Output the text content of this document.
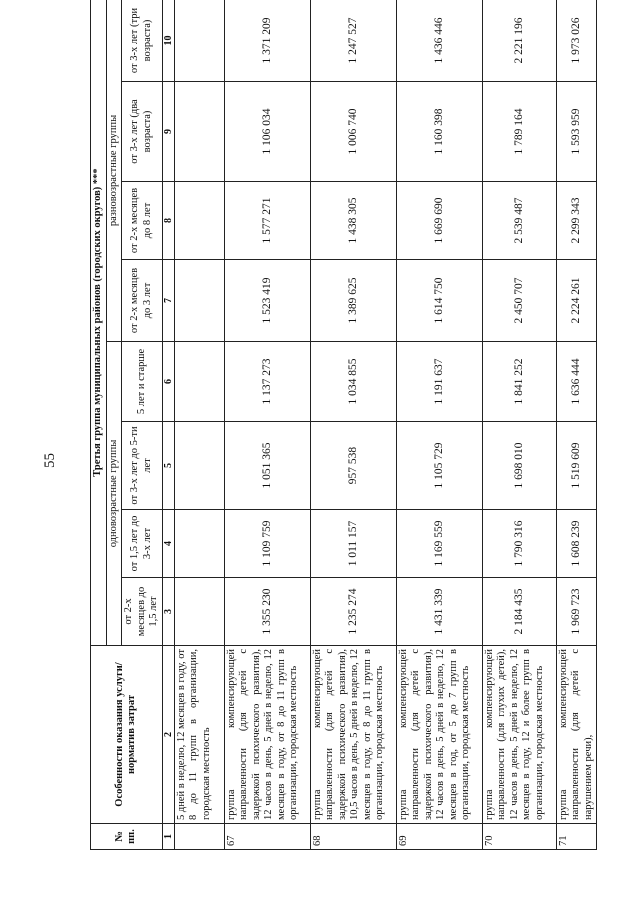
55
№ пп.	Особенности оказания услуги/норматив затрат	Третья группа муниципальных районов (городских округов) ***							
		одновозрастные группы				разновозрастные группы			
		от 2-х месяцев до 1,5 лет	от 1,5 лет до 3-х лет	от 3-х лет до 5-ти лет	5 лет и старше	от 2-х месяцев до 3 лет	от 2-х месяцев до 8 лет	от 3-х лет (два возраста)	от 3-х лет (три возраста)
1	2	3	4	5	6	7	8	9	10
	5 дней в неделю, 12 месяцев в году, от 8 до 11 групп в организации, городская местность								
67	группа компенсирующей направленности (для детей с задержкой психического развития), 12 часов в день, 5 дней в неделю, 12 месяцев в году, от 8 до 11 групп в организации, городская местность	1 355 230	1 109 759	1 051 365	1 137 273	1 523 419	1 577 271	1 106 034	1 371 209
68	группа компенсирующей направленности (для детей с задержкой психического развития), 10,5 часов в день, 5 дней в неделю, 12 месяцев в году, от 8 до 11 групп в организации, городская местность	1 235 274	1 011 157	957 538	1 034 855	1 389 625	1 438 305	1 006 740	1 247 527
69	группа компенсирующей направленности (для детей с задержкой психического развития), 12 часов в день, 5 дней в неделю, 12 месяцев в год, от 5 до 7 групп в организации, городская местность	1 431 339	1 169 559	1 105 729	1 191 637	1 614 750	1 669 690	1 160 398	1 436 446
70	группа компенсирующей направленности (для глухих детей), 12 часов в день, 5 дней в неделю, 12 месяцев в году, 12 и более групп в организации, городская местность	2 184 435	1 790 316	1 698 010	1 841 252	2 450 707	2 539 487	1 789 164	2 221 196
71	группа компенсирующей направленности (для детей с нарушением речи),	1 969 723	1 608 239	1 519 609	1 636 444	2 224 261	2 299 343	1 593 959	1 973 026
